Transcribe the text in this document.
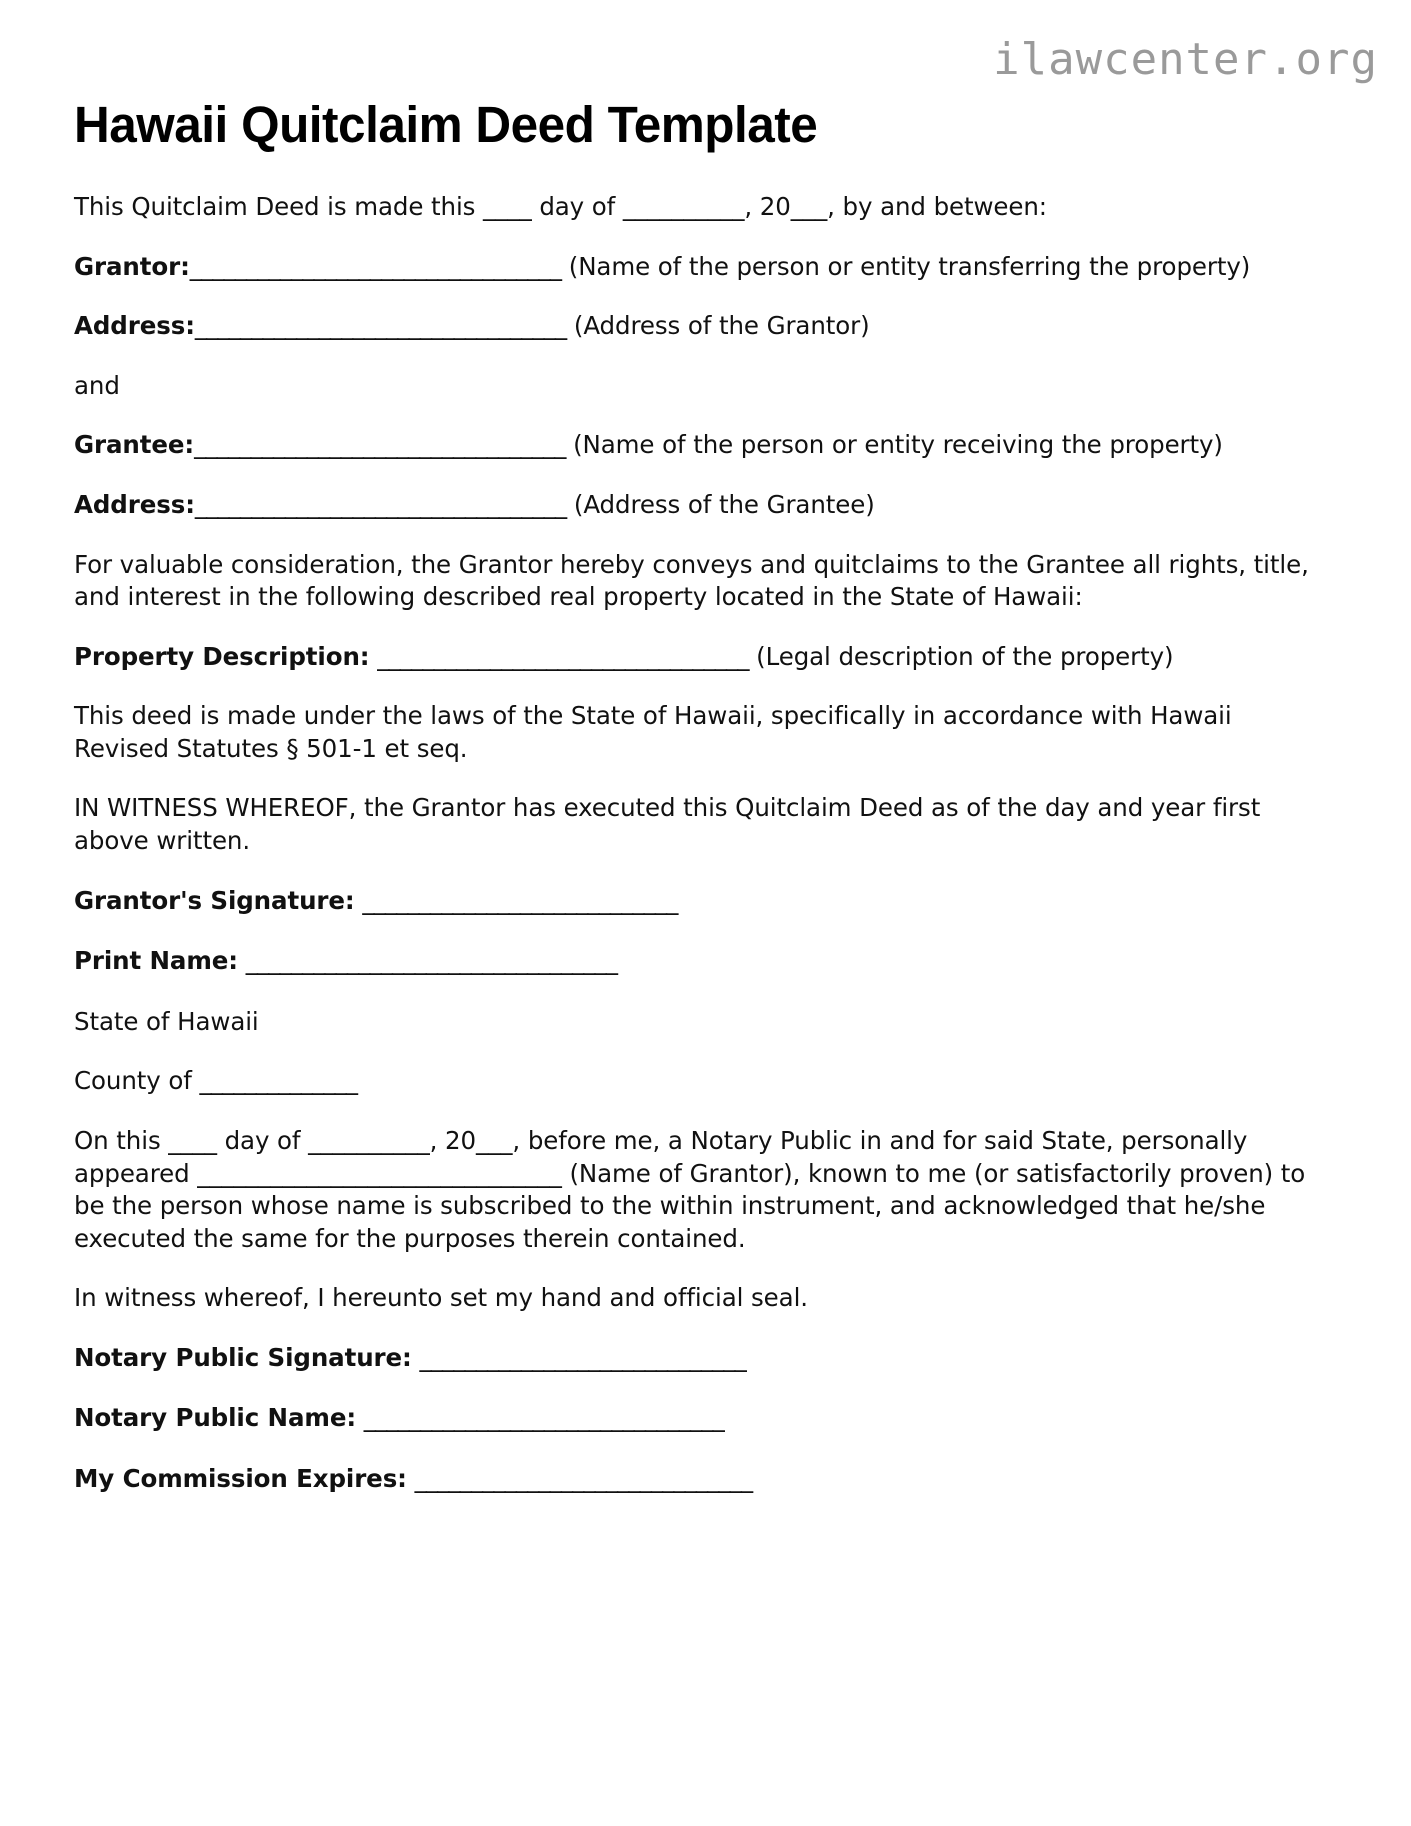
ilawcenter.org
Hawaii Quitclaim Deed Template

This Quitclaim Deed is made this ____ day of __________, 20___, by and between:

Grantor:_________________________________ (Name of the person or entity transferring the property)

Address:_________________________________ (Address of the Grantor)

and

Grantee:_________________________________ (Name of the person or entity receiving the property)

Address:_________________________________ (Address of the Grantee)

For valuable consideration, the Grantor hereby conveys and quitclaims to the Grantee all rights, title, and interest in the following described real property located in the State of Hawaii:

Property Description: _________________________________ (Legal description of the property)

This deed is made under the laws of the State of Hawaii, specifically in accordance with Hawaii Revised Statutes § 501-1 et seq.

IN WITNESS WHEREOF, the Grantor has executed this Quitclaim Deed as of the day and year first above written.

Grantor's Signature: ____________________________

Print Name: _________________________________

State of Hawaii

County of ______________

On this ____ day of __________, 20___, before me, a Notary Public in and for said State, personally appeared ______________________________ (Name of Grantor), known to me (or satisfactorily proven) to be the person whose name is subscribed to the within instrument, and acknowledged that he/she executed the same for the purposes therein contained.

In witness whereof, I hereunto set my hand and official seal.

Notary Public Signature: _____________________________

Notary Public Name: ________________________________

My Commission Expires: ______________________________
